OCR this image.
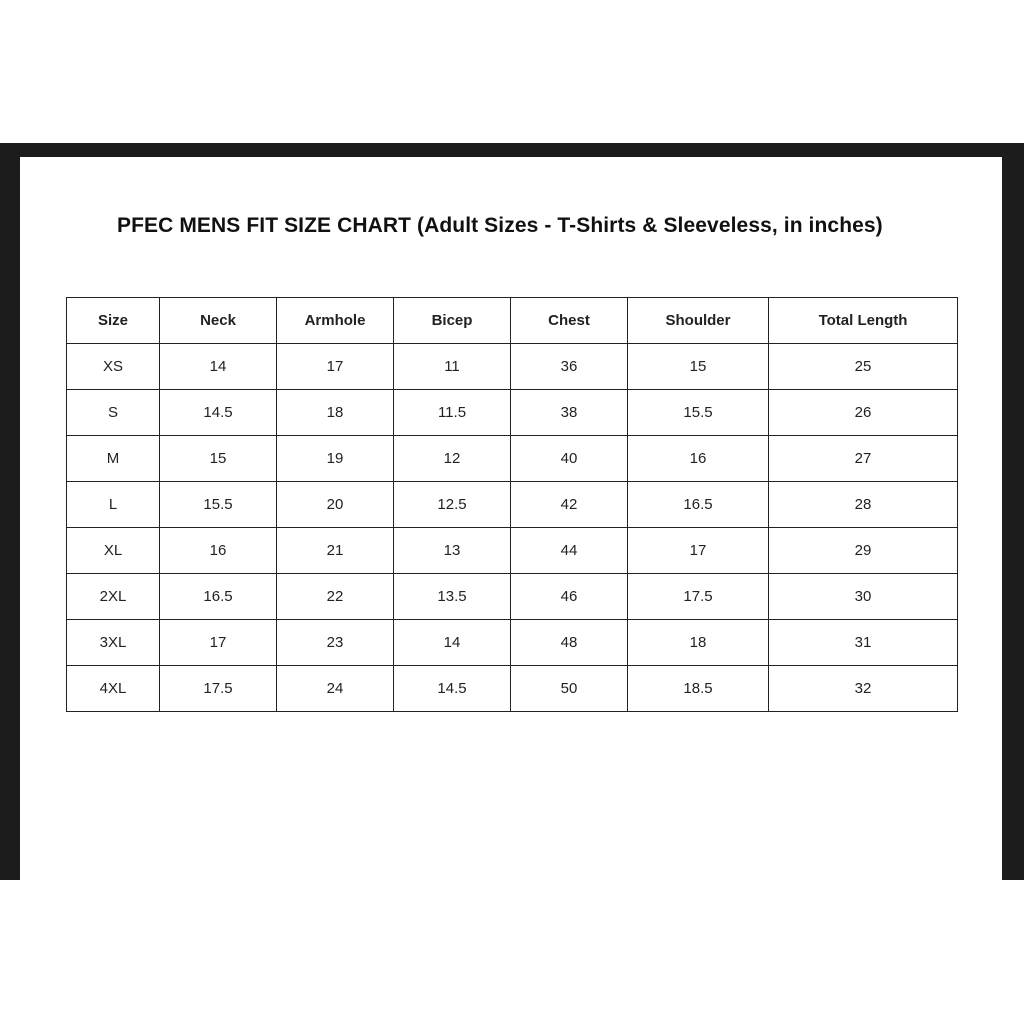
PFEC MENS FIT SIZE CHART (Adult Sizes - T-Shirts & Sleeveless, in inches)
Size	Neck	Armhole	Bicep	Chest	Shoulder	Total Length
XS	14	17	11	36	15	25
S	14.5	18	11.5	38	15.5	26
M	15	19	12	40	16	27
L	15.5	20	12.5	42	16.5	28
XL	16	21	13	44	17	29
2XL	16.5	22	13.5	46	17.5	30
3XL	17	23	14	48	18	31
4XL	17.5	24	14.5	50	18.5	32
